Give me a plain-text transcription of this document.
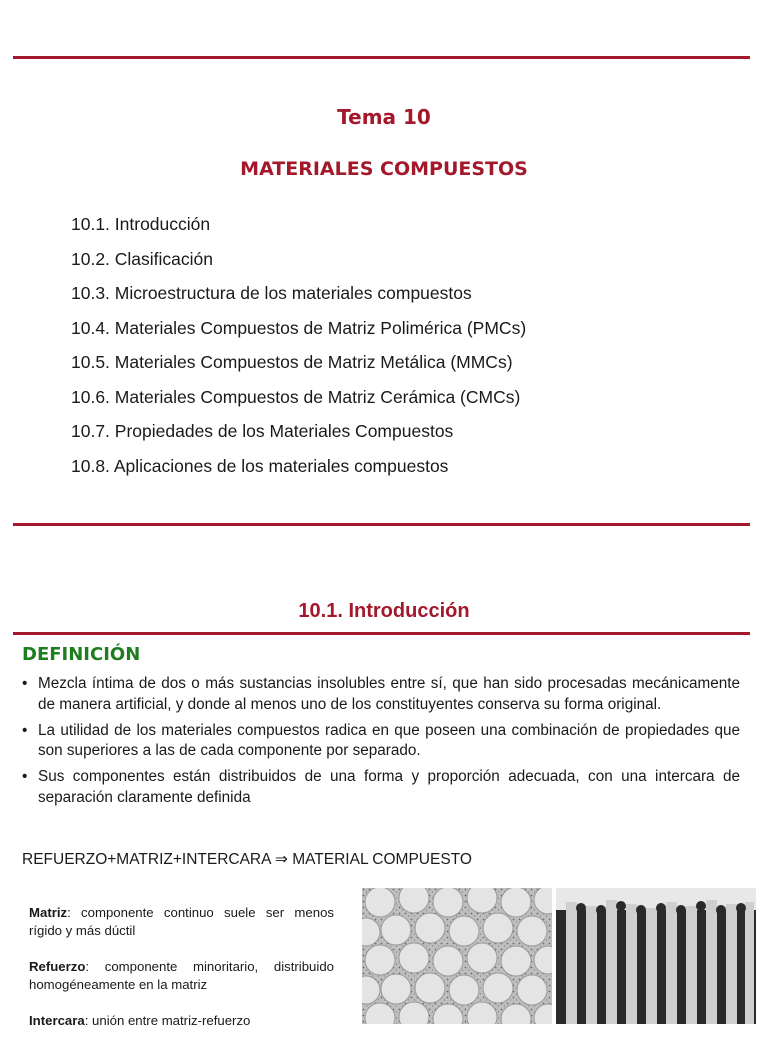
Tema 10
MATERIALES COMPUESTOS
10.1. Introducción
10.2. Clasificación
10.3. Microestructura de los materiales compuestos
10.4. Materiales Compuestos de Matriz Polimérica (PMCs)
10.5. Materiales Compuestos de Matriz Metálica (MMCs)
10.6. Materiales Compuestos de Matriz Cerámica (CMCs)
10.7. Propiedades de los Materiales Compuestos
10.8. Aplicaciones de los materiales compuestos
10.1. Introducción
DEFINICIÓN
• Mezcla íntima de dos o más sustancias insolubles entre sí, que han sido procesadas mecánicamente de manera artificial, y donde al menos uno de los constituyentes conserva su forma original.
• La utilidad de los materiales compuestos radica en que poseen una combinación de propiedades que son superiores a las de cada componente por separado.
• Sus componentes están distribuidos de una forma y proporción adecuada, con una intercara de separación claramente definida
REFUERZO+MATRIZ+INTERCARA ⇒ MATERIAL COMPUESTO

Matriz: componente continuo suele ser menos rígido y más dúctil

Refuerzo: componente minoritario, distribuido homogéneamente en la matriz

Intercara: unión entre matriz-refuerzo
